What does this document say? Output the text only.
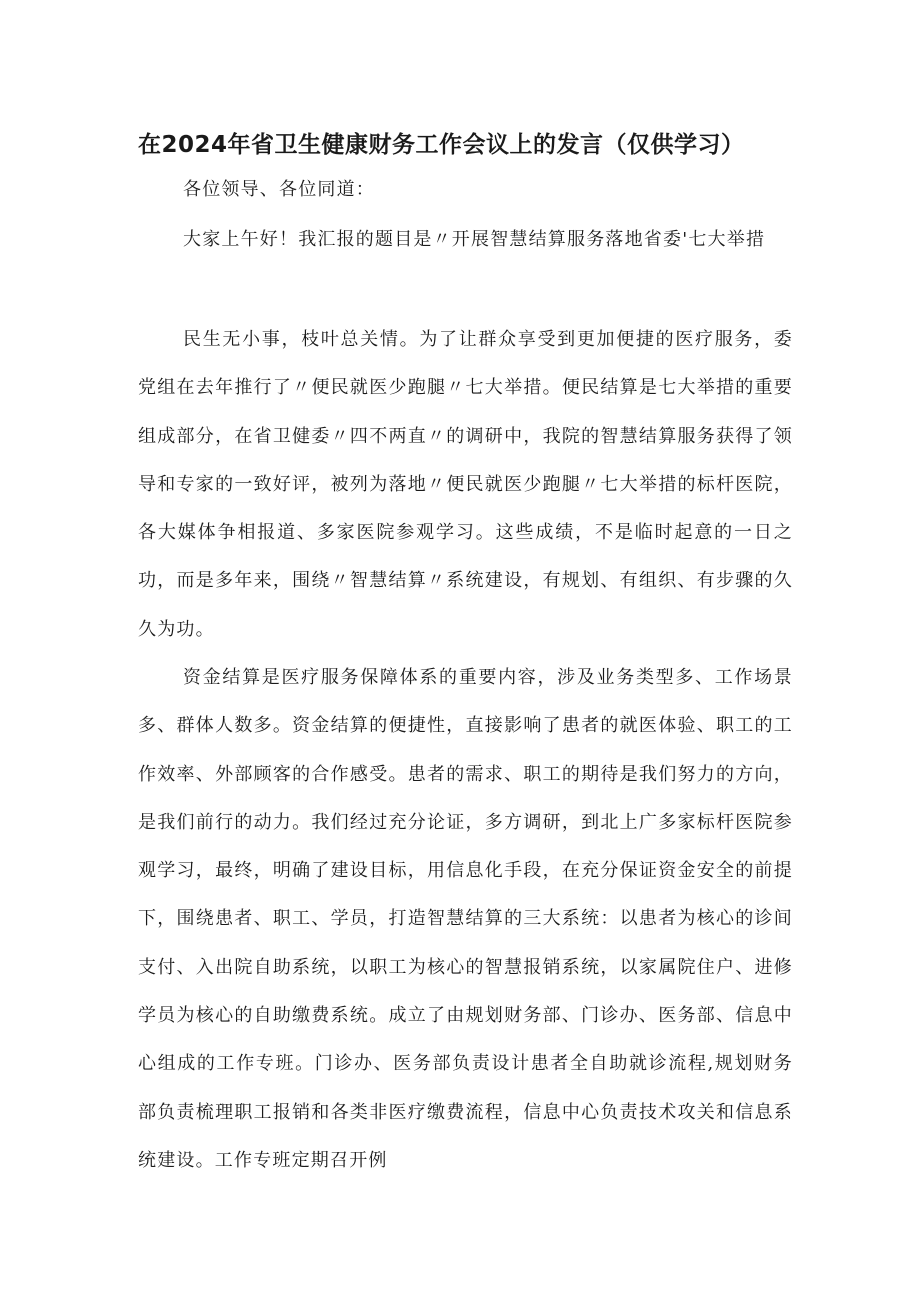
在2024年省卫生健康财务工作会议上的发言（仅供学习）

各位领导、各位同道：

大家上午好！我汇报的题目是〃开展智慧结算服务落地省委'七大举措

民生无小事，枝叶总关情。为了让群众享受到更加便捷的医疗服务，委党组在去年推行了〃便民就医少跑腿〃七大举措。便民结算是七大举措的重要组成部分，在省卫健委〃四不两直〃的调研中，我院的智慧结算服务获得了领导和专家的一致好评，被列为落地〃便民就医少跑腿〃七大举措的标杆医院，各大媒体争相报道、多家医院参观学习。这些成绩，不是临时起意的一日之功，而是多年来，围绕〃智慧结算〃系统建设，有规划、有组织、有步骤的久久为功。

资金结算是医疗服务保障体系的重要内容，涉及业务类型多、工作场景多、群体人数多。资金结算的便捷性，直接影响了患者的就医体验、职工的工作效率、外部顾客的合作感受。患者的需求、职工的期待是我们努力的方向，是我们前行的动力。我们经过充分论证，多方调研，到北上广多家标杆医院参观学习，最终，明确了建设目标，用信息化手段，在充分保证资金安全的前提下，围绕患者、职工、学员，打造智慧结算的三大系统：以患者为核心的诊间支付、入出院自助系统，以职工为核心的智慧报销系统，以家属院住户、进修学员为核心的自助缴费系统。成立了由规划财务部、门诊办、医务部、信息中心组成的工作专班。门诊办、医务部负责设计患者全自助就诊流程,规划财务部负责梳理职工报销和各类非医疗缴费流程，信息中心负责技术攻关和信息系统建设。工作专班定期召开例
